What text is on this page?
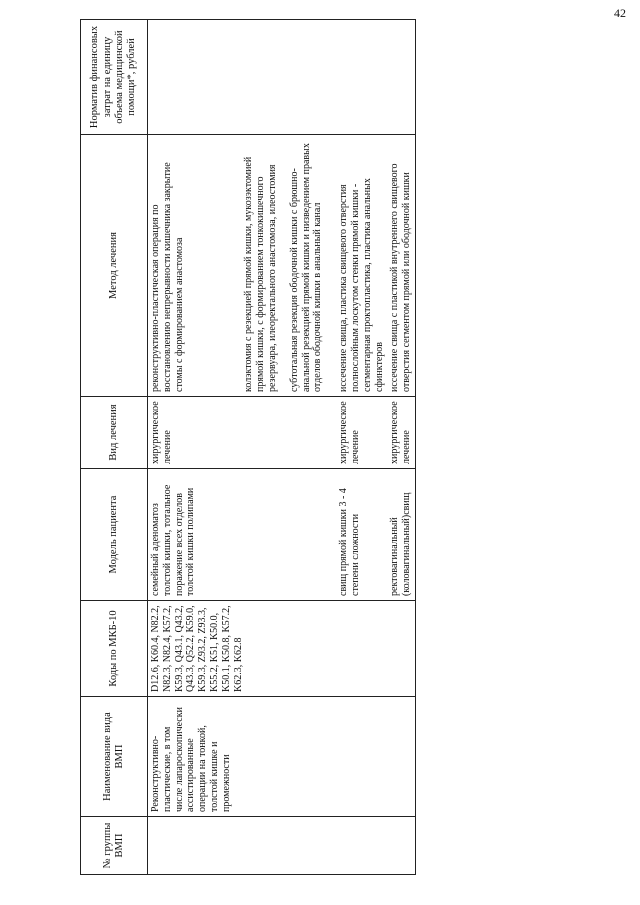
42
№ группы ВМП	Наименование вида ВМП	Коды по МКБ-10	Модель пациента	Вид лечения	Метод лечения	Норматив финансовых затрат на единицу объема медицинской помощи*, рублей
	Реконструктивно-пластические, в том числе лапароскопически ассистированные операции на тонкой, толстой кишке и промежности	D12.6, K60.4, N82.2, N82.3, N82.4, K57.2, K59.3, Q43.1, Q43.2, Q43.3, Q52.2, K59.0, K59.3, Z93.2, Z93.3, K55.2, K51, K50.0, K50.1, K50.8, K57.2, K62.3, K62.8	семейный аденоматоз толстой кишки, тотальное поражение всех отделов толстой кишки полипами	хирургическое лечение	реконструктивно-пластическая операция по восстановлению непрерывности кишечника закрытие стомы с формированием анастомоза колэктомия с резекцией прямой кишки, мукозэктомией прямой кишки, с формированием тонкокишечного резервуара, илеоректального анастомоза, илеостомия субтотальная резекция ободочной кишки с брюшно-анальной резекцией прямой кишки и низведением правых отделов ободочной кишки в анальный канал	

			свищ прямой кишки 3 - 4 степени сложности	хирургическое лечение	иссечение свища, пластика свищевого отверстия полнослойным лоскутом стенки прямой кишки - сегментарная проктопластика, пластика анальных сфинктеров	
			ректовагинальный (коловагинальный)свищ	хирургическое лечение	иссечение свища с пластикой внутреннего свищевого отверстия сегментом прямой или ободочной кишки	
